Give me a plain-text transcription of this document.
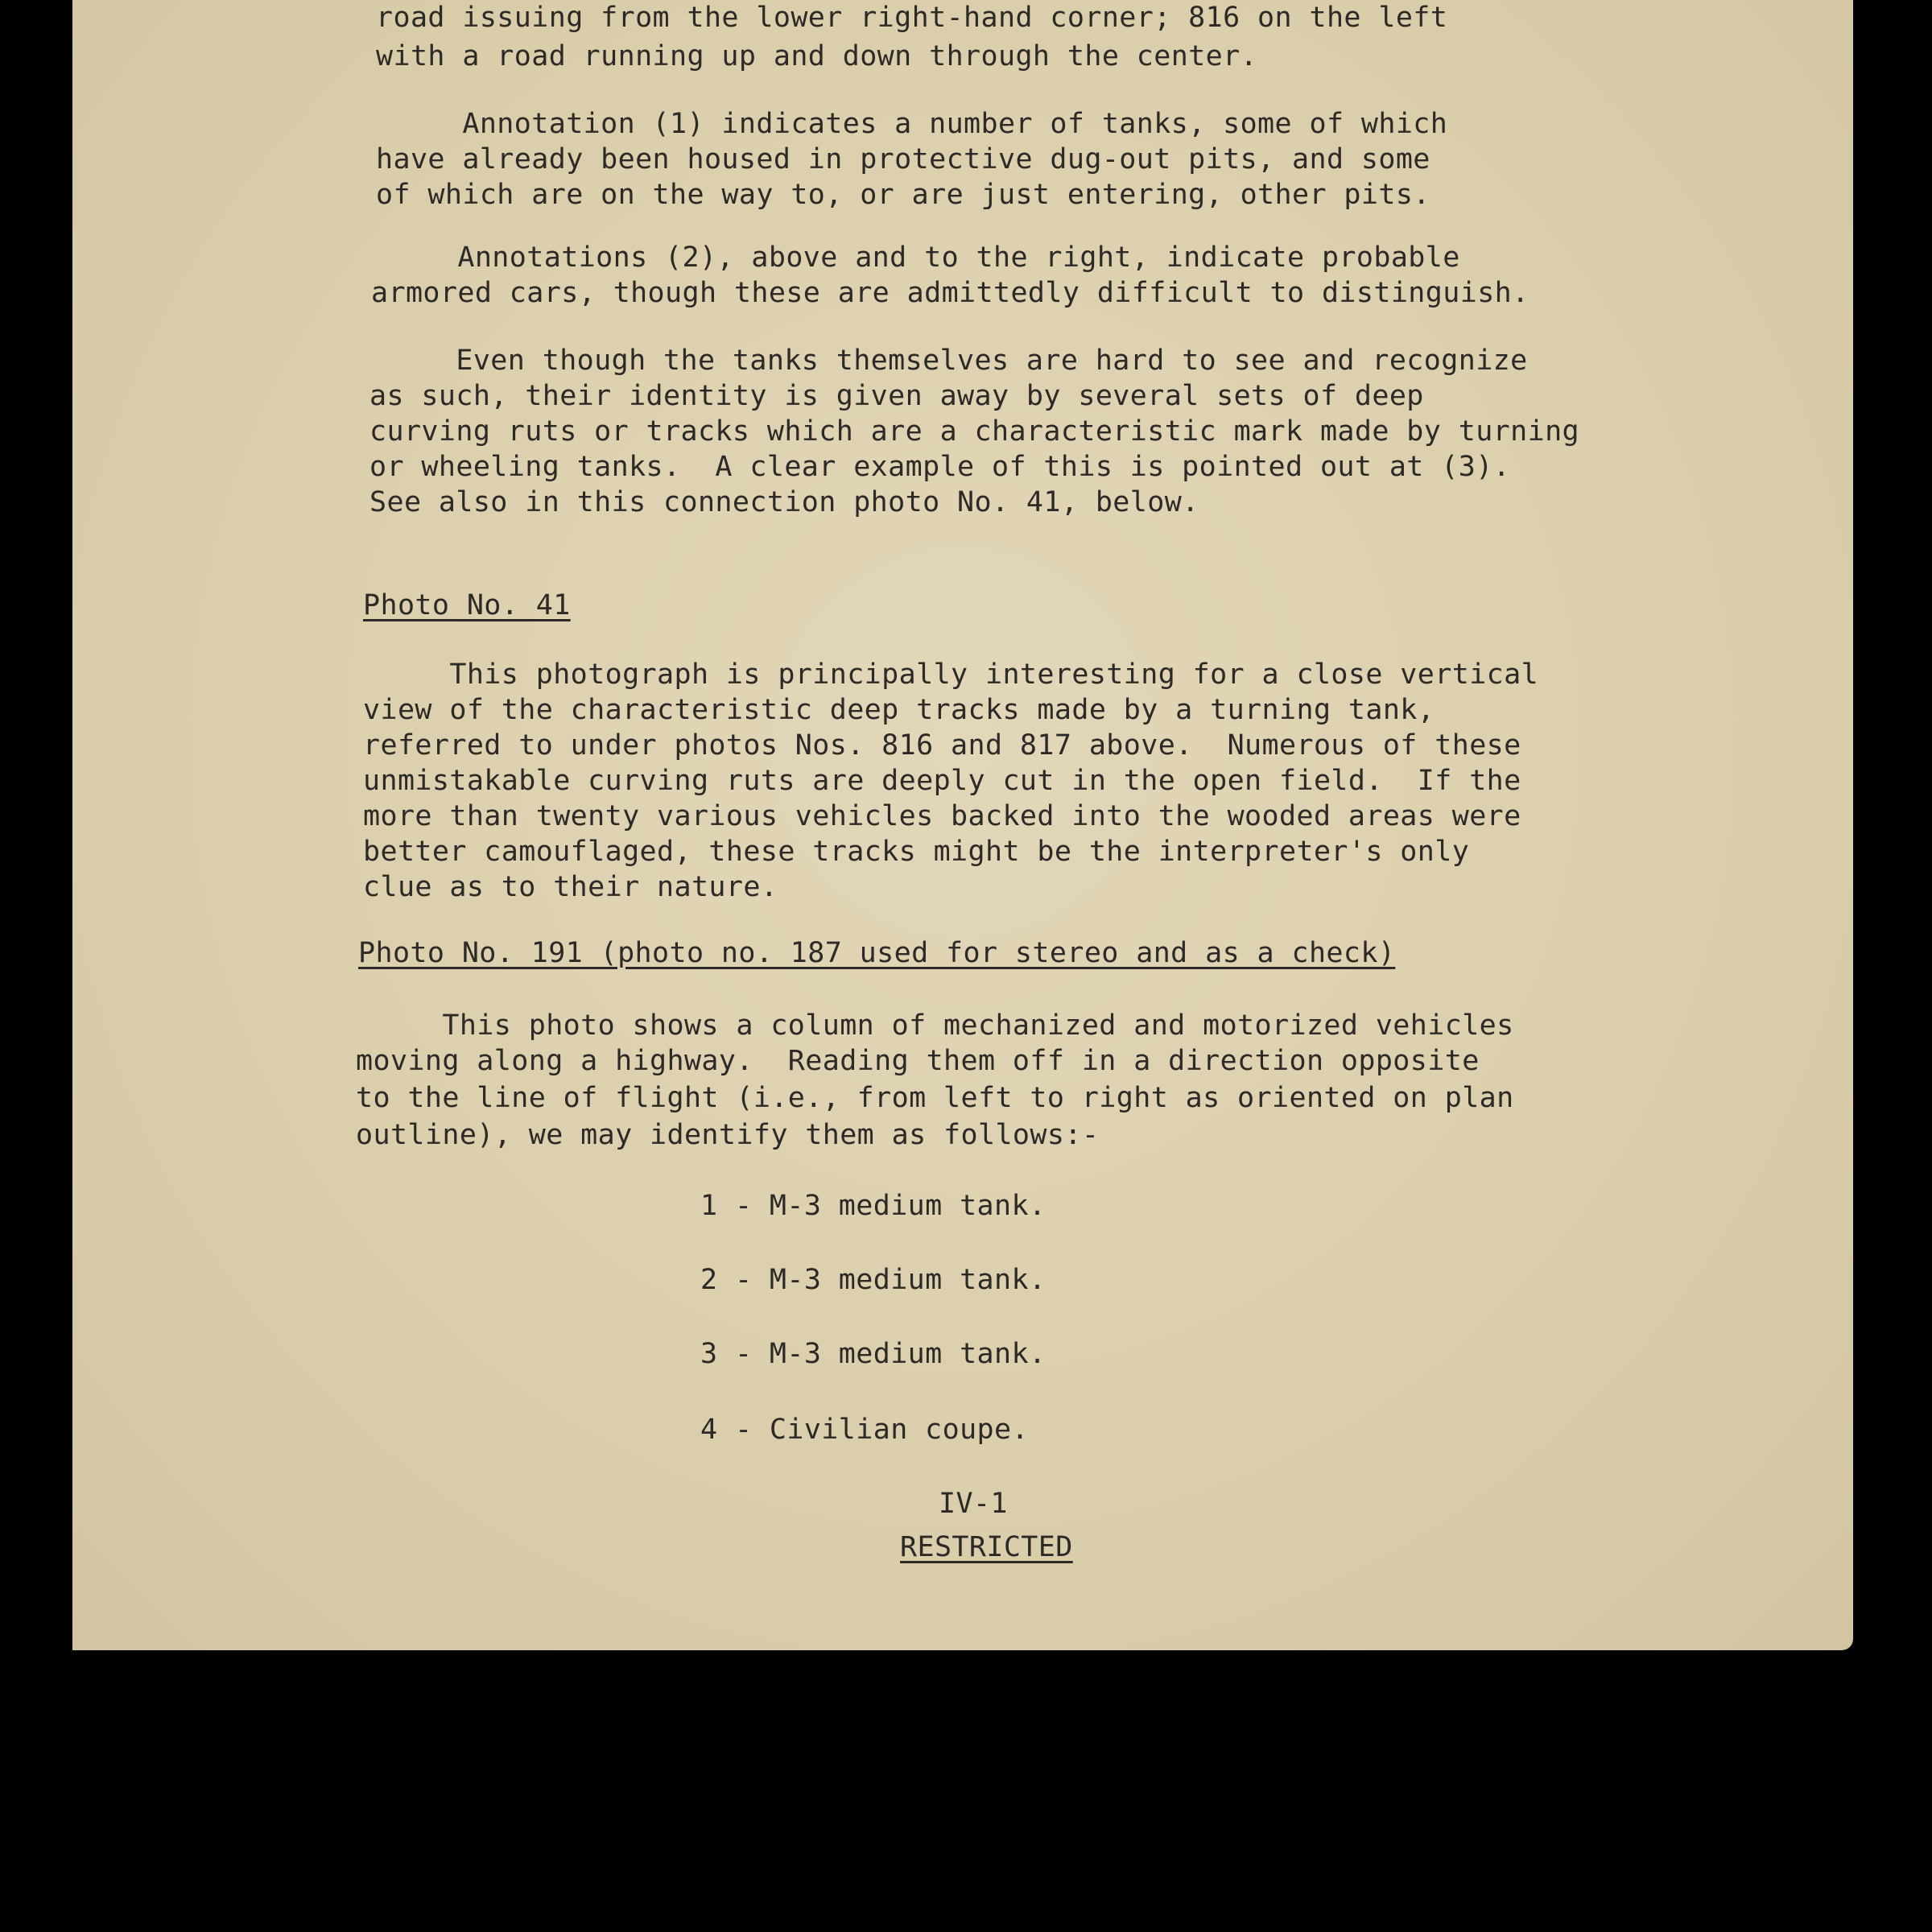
road issuing from the lower right-hand corner; 816 on the left
with a road running up and down through the center.
Annotation (1) indicates a number of tanks, some of which
have already been housed in protective dug-out pits, and some
of which are on the way to, or are just entering, other pits.
Annotations (2), above and to the right, indicate probable
armored cars, though these are admittedly difficult to distinguish.
Even though the tanks themselves are hard to see and recognize
as such, their identity is given away by several sets of deep
curving ruts or tracks which are a characteristic mark made by turning
or wheeling tanks.  A clear example of this is pointed out at (3).
See also in this connection photo No. 41, below.
Photo No. 41
This photograph is principally interesting for a close vertical
view of the characteristic deep tracks made by a turning tank,
referred to under photos Nos. 816 and 817 above.  Numerous of these
unmistakable curving ruts are deeply cut in the open field.  If the
more than twenty various vehicles backed into the wooded areas were
better camouflaged, these tracks might be the interpreter's only
clue as to their nature.
Photo No. 191 (photo no. 187 used for stereo and as a check)
This photo shows a column of mechanized and motorized vehicles
moving along a highway.  Reading them off in a direction opposite
to the line of flight (i.e., from left to right as oriented on plan
outline), we may identify them as follows:-
1 - M-3 medium tank.
2 - M-3 medium tank.
3 - M-3 medium tank.
4 - Civilian coupe.
IV-1
RESTRICTED
